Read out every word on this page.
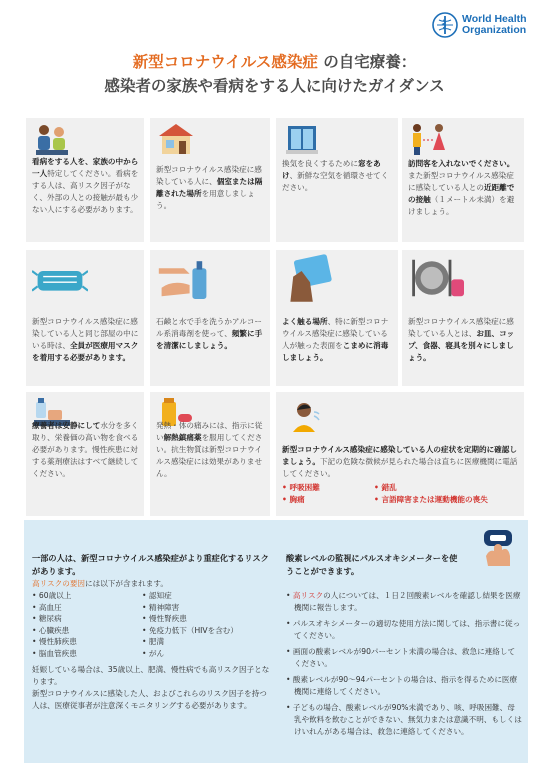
World Health
Organization
新型コロナウイルス感染症 の自宅療養：
感染者の家族や看病をする人に向けたガイダンス
看病をする人を、家族の中から一人特定してください。看病をする人は、高リスク因子がなく、外部の人との接触が最も少ない人にする必要があります。
新型コロナウイルス感染症に感染している人に、個室または隔離された場所を用意しましょう。
換気を良くするために窓をあけ、新鮮な空気を循環させてください。
訪問客を入れないでください。また新型コロナウイルス感染症に感染している人との近距離での接触（１メートル未満）を避けましょう。
新型コロナウイルス感染症に感染している人と同じ部屋の中にいる時は、全員が医療用マスクを着用する必要があります。
石鹸と水で手を洗うかアルコール系消毒剤を使って、頻繁に手を清潔にしましょう。
よく触る場所、特に新型コロナウイルス感染症に感染している人が触った表面をこまめに消毒しましょう。
新型コロナウイルス感染症に感染している人とは、お皿、コップ、食器、寝具を別々にしましょう。
療養者は安静にして水分を多く取り、栄養価の高い物を食べる必要があります。慢性疾患に対する薬剤療法はすべて継続してください。
発熱・体の痛みには、指示に従い解熱鎮痛薬を服用してください。抗生物質は新型コロナウイルス感染症には効果がありません。
新型コロナウイルス感染症に感染している人の症状を定期的に確認しましょう。下記の危険な徴候が見られた場合は直ちに医療機関に電話してください。
• 呼吸困難	• 錯乱
• 胸痛	• 言語障害または運動機能の喪失
一部の人は、新型コロナウイルス感染症がより重症化するリスクがあります。
高リスクの要因には以下が含まれます。
• 60歳以上	• 認知症
• 高血圧	• 精神障害
• 糖尿病	• 慢性腎疾患
• 心臓疾患	• 免疫力低下（HIVを含む）
• 慢性肺疾患	• 肥満
• 脳血管疾患	• がん
妊娠している場合は、35歳以上、肥満、慢性病でも高リスク因子となります。
新型コロナウイルスに感染した人、およびこれらのリスク因子を持つ人は、医療従事者が注意深くモニタリングする必要があります。
酸素レベルの監視にパルスオキシメーターを使うことができます。
• 高リスクの人については、１日２回酸素レベルを確認し結果を医療機関に報告します。
• パルスオキシメーターの適切な使用方法に関しては、指示書に従ってください。
• 画面の酸素レベルが90パーセント未満の場合は、救急に連絡してください。
• 酸素レベルが90～94パーセントの場合は、指示を得るために医療機関に連絡してください。
• 子どもの場合、酸素レベルが90%未満であり、咳、呼吸困難、母乳や飲料を飲むことができない、無気力または意識不明、もしくはけいれんがある場合は、救急に連絡してください。
